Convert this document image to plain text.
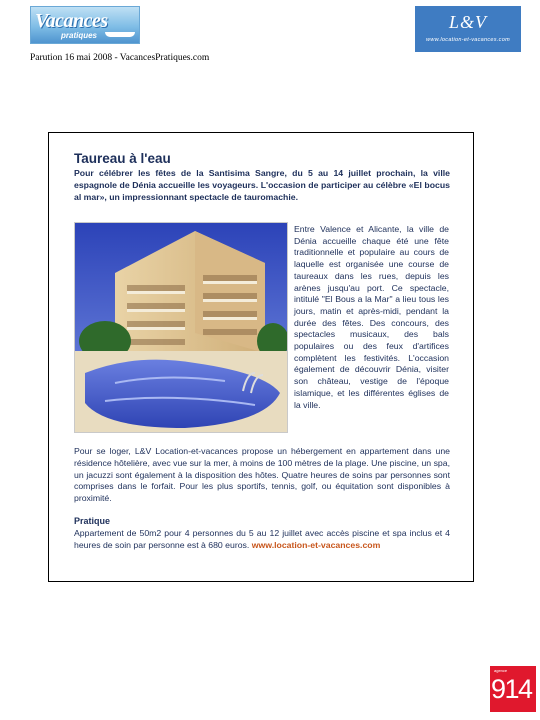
Vacances
pratiques
L&V
www.location-et-vacances.com
Parution 16 mai 2008 - VacancesPratiques.com
Taureau à l'eau
Pour célébrer les fêtes de la Santisima Sangre, du 5 au 14 juillet prochain, la ville espagnole de Dénia accueille les voyageurs. L'occasion de participer au célèbre «El bocus al mar», un impressionnant spectacle de tauromachie.

Entre Valence et Alicante, la ville de Dénia accueille chaque été une fête traditionnelle et populaire au cours de laquelle est organisée une course de taureaux dans les rues, depuis les arènes jusqu'au port. Ce spectacle, intitulé "El Bous a la Mar" a lieu tous les jours, matin et après-midi, pendant la durée des fêtes. Des concours, des spectacles musicaux, des bals populaires ou des feux d'artifices complètent les festivités. L'occasion également de découvrir Dénia, visiter son château, vestige de l'époque islamique, et les différentes églises de la ville.

Pour se loger, L&V Location-et-vacances propose un hébergement en appartement dans une résidence hôtelière, avec vue sur la mer, à moins de 100 mètres de la plage. Une piscine, un spa, un jacuzzi sont également à la disposition des hôtes. Quatre heures de soins par personnes sont comprises dans le forfait. Pour les plus sportifs, tennis, golf, ou équitation sont disponibles à proximité.

Pratique

Appartement de 50m2 pour 4 personnes du 5 au 12 juillet avec accès piscine et spa inclus et 4 heures de soin par personne est à 680 euros. www.location-et-vacances.com

agence
914
